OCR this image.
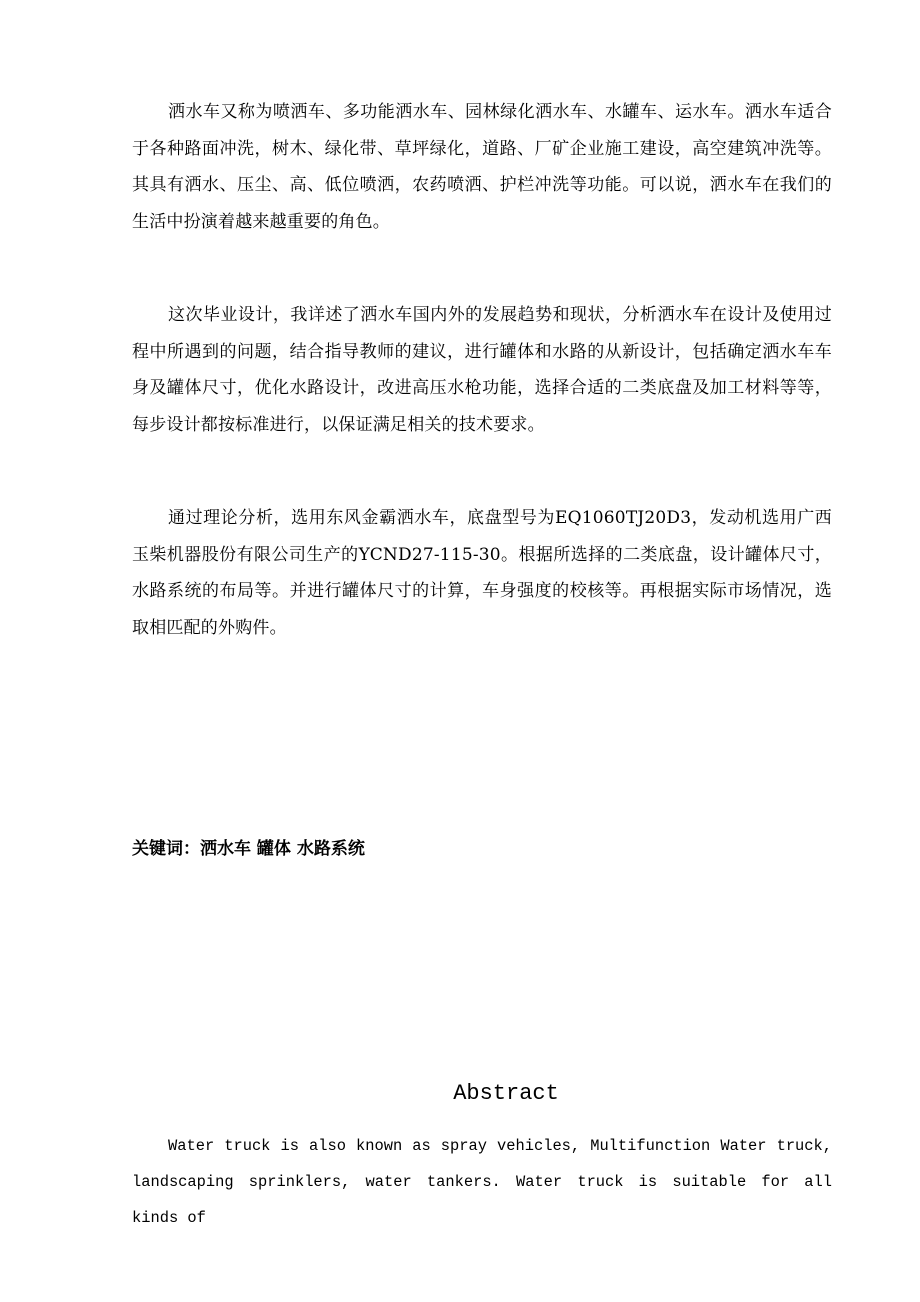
洒水车又称为喷洒车、多功能洒水车、园林绿化洒水车、水罐车、运水车。洒水车适合于各种路面冲洗，树木、绿化带、草坪绿化，道路、厂矿企业施工建设，高空建筑冲洗等。其具有洒水、压尘、高、低位喷洒，农药喷洒、护栏冲洗等功能。可以说，洒水车在我们的生活中扮演着越来越重要的角色。

这次毕业设计，我详述了洒水车国内外的发展趋势和现状，分析洒水车在设计及使用过程中所遇到的问题，结合指导教师的建议，进行罐体和水路的从新设计，包括确定洒水车车身及罐体尺寸，优化水路设计，改进高压水枪功能，选择合适的二类底盘及加工材料等等，每步设计都按标准进行，以保证满足相关的技术要求。

通过理论分析，选用东风金霸洒水车，底盘型号为EQ1060TJ20D3，发动机选用广西玉柴机器股份有限公司生产的YCND27-115-30。根据所选择的二类底盘，设计罐体尺寸，水路系统的布局等。并进行罐体尺寸的计算，车身强度的校核等。再根据实际市场情况，选取相匹配的外购件。

关键词：洒水车 罐体 水路系统

Abstract

Water truck is also known as spray vehicles, Multifunction Water truck, landscaping sprinklers, water tankers. Water truck is suitable for all kinds of
